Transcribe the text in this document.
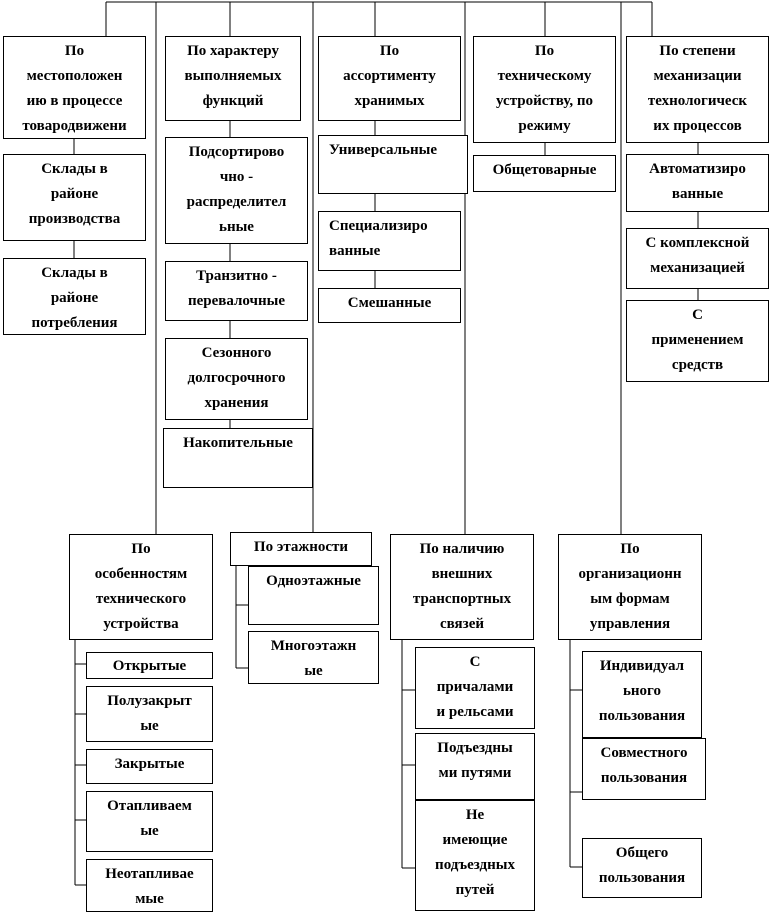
По
местоположен
ию в процессе
товародвижени
По характеру
выполняемых
функций
По
ассортименту
хранимых
По
техническому
устройству, по
режиму
По степени
механизации
технологическ
их процессов
Склады в
районе
производства
Склады в
районе
потребления
Подсортирово
чно -
распределител
ьные
Транзитно -
перевалочные
Сезонного
долгосрочного
хранения
Накопительные
Универсальные
Специализиро
ванные
Смешанные
Общетоварные	Автоматизиро
ванные
С комплексной
механизацией
С
применением
средств
По
особенностям
технического
устройства
По этажности	По наличию
внешних
транспортных
связей
По
организационн
ым формам
управления
Открытые
Полузакрыт
ые
Закрытые
Отапливаем
ые
Неотапливае
мые
Одноэтажные
Многоэтажн
ые
С
причалами
и рельсами
Подъездны
ми путями
Не
имеющие
подъездных
путей
Совместного
пользования
Индивидуал
ьного
пользования
Общего
пользования
